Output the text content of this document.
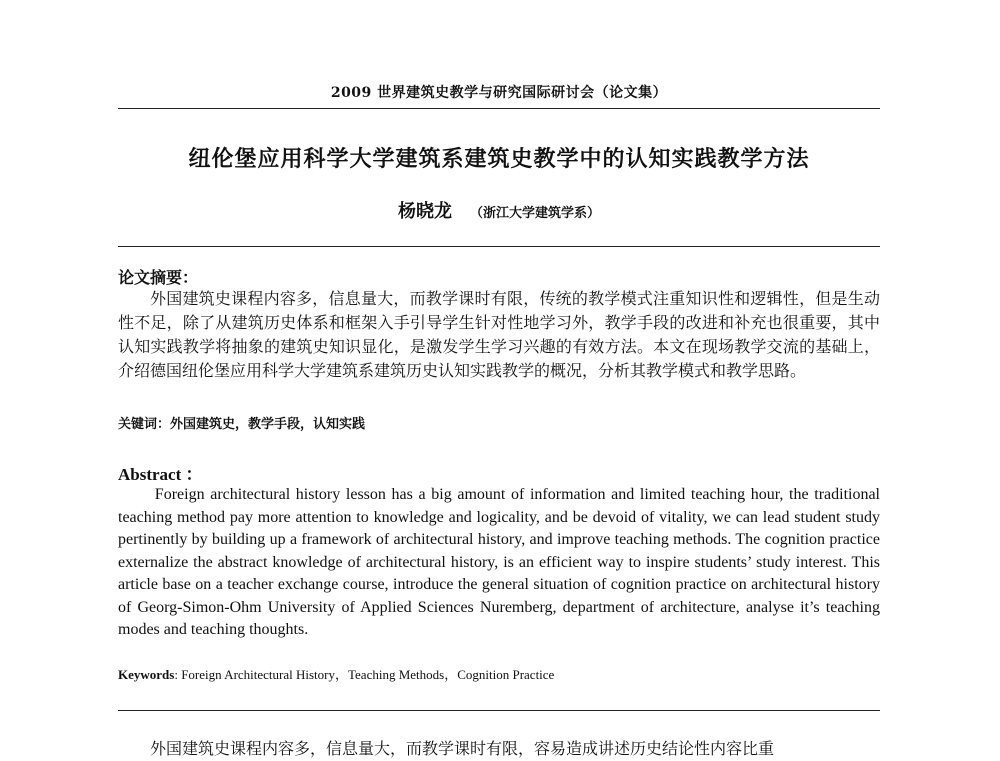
2009 世界建筑史教学与研究国际研讨会（论文集）
纽伦堡应用科学大学建筑系建筑史教学中的认知实践教学方法
杨晓龙 （浙江大学建筑学系）
论文摘要：
外国建筑史课程内容多，信息量大，而教学课时有限，传统的教学模式注重知识性和逻辑性，但是生动性不足，除了从建筑历史体系和框架入手引导学生针对性地学习外，教学手段的改进和补充也很重要，其中认知实践教学将抽象的建筑史知识显化，是激发学生学习兴趣的有效方法。本文在现场教学交流的基础上，介绍德国纽伦堡应用科学大学建筑系建筑历史认知实践教学的概况，分析其教学模式和教学思路。
关键词：外国建筑史，教学手段，认知实践
Abstract ：
Foreign architectural history lesson has a big amount of information and limited teaching hour, the traditional teaching method pay more attention to knowledge and logicality, and be devoid of vitality, we can lead student study pertinently by building up a framework of architectural history, and improve teaching methods. The cognition practice externalize the abstract knowledge of architectural history, is an efficient way to inspire students’ study interest. This article base on a teacher exchange course, introduce the general situation of cognition practice on architectural history of Georg-Simon-Ohm University of Applied Sciences Nuremberg, department of architecture, analyse it’s teaching modes and teaching thoughts.
Keywords: Foreign Architectural History，Teaching Methods，Cognition Practice
外国建筑史课程内容多，信息量大，而教学课时有限，容易造成讲述历史结论性内容比重
